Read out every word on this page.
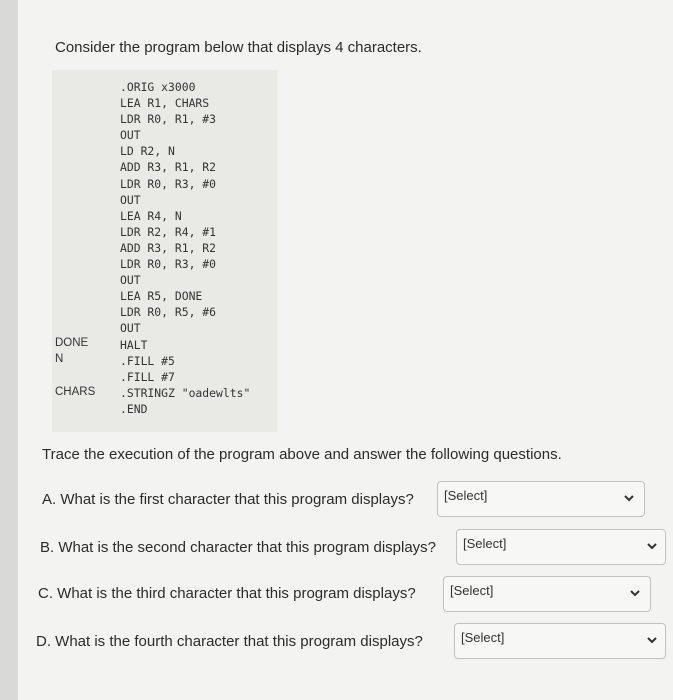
Consider the program below that displays 4 characters.
.ORIG x3000
LEA R1, CHARS
LDR R0, R1, #3
OUT
LD R2, N
ADD R3, R1, R2
LDR R0, R3, #0
OUT
LEA R4, N
LDR R2, R4, #1
ADD R3, R1, R2
LDR R0, R3, #0
OUT
LEA R5, DONE
LDR R0, R5, #6
OUT
HALT
.FILL #5
.FILL #7
.STRINGZ "oadewlts"
.END
DONE
N
CHARS
Trace the execution of the program above and answer the following questions.
A. What is the first character that this program displays? [Select]
B. What is the second character that this program displays? [Select]
C. What is the third character that this program displays?	[Select]
D. What is the fourth character that this program displays?	[Select]
